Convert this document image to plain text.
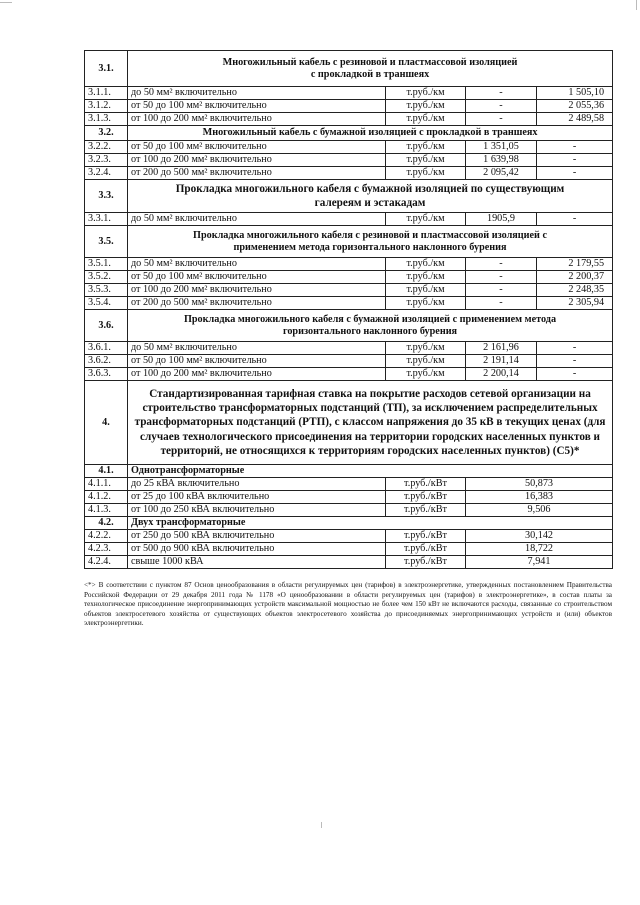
3.1.	Многожильный кабель с резиновой и пластмассовой изоляцией
с прокладкой в траншеях			
3.1.1.	до 50 мм² включительно	т.руб./км	-	1 505,10
3.1.2.	от 50 до 100 мм² включительно	т.руб./км	-	2 055,36
3.1.3.	от 100 до 200 мм² включительно	т.руб./км	-	2 489,58
3.2.	Многожильный кабель с бумажной изоляцией с прокладкой в траншеях			
3.2.2.	от 50 до 100 мм² включительно	т.руб./км	1 351,05	-
3.2.3.	от 100 до 200 мм² включительно	т.руб./км	1 639,98	-
3.2.4.	от 200 до 500 мм² включительно	т.руб./км	2 095,42	-
3.3.	Прокладка многожильного кабеля с бумажной изоляцией по существующим
галереям и эстакадам			
3.3.1.	до 50 мм² включительно	т.руб./км	1905,9	-
3.5.	Прокладка многожильного кабеля с резиновой и пластмассовой изоляцией с
применением метода горизонтального наклонного бурения			
3.5.1.	до 50 мм² включительно	т.руб./км	-	2 179,55
3.5.2.	от 50 до 100 мм² включительно	т.руб./км	-	2 200,37
3.5.3.	от 100 до 200 мм² включительно	т.руб./км	-	2 248,35
3.5.4.	от 200 до 500 мм² включительно	т.руб./км	-	2 305,94
3.6.	Прокладка многожильного кабеля с бумажной изоляцией с применением метода
горизонтального наклонного бурения			
3.6.1.	до 50 мм² включительно	т.руб./км	2 161,96	-
3.6.2.	от 50 до 100 мм² включительно	т.руб./км	2 191,14	-
3.6.3.	от 100 до 200 мм² включительно	т.руб./км	2 200,14	-
4.	Стандартизированная тарифная ставка на покрытие расходов сетевой организации на строительство трансформаторных подстанций (ТП), за исключением распределительных трансформаторных подстанций (РТП), с классом напряжения до 35 кВ в текущих ценах (для случаев технологического присоединения на территории городских населенных пунктов и территорий, не относящихся к территориям городских населенных пунктов) (С5)*			
4.1.	Однотрансформаторные			
4.1.1.	до 25 кВА включительно	т.руб./кВт	50,873	
4.1.2.	от 25 до 100 кВА включительно	т.руб./кВт	16,383	
4.1.3.	от 100 до 250 кВА включительно	т.руб./кВт	9,506	
4.2.	Двух трансформаторные			
4.2.2.	от 250 до 500 кВА включительно	т.руб./кВт	30,142	
4.2.3.	от 500 до 900 кВА включительно	т.руб./кВт	18,722	
4.2.4.	свыше 1000 кВА	т.руб./кВт	7,941	
<*> В соответствии с пунктом 87 Основ ценообразования в области регулируемых цен (тарифов) в электроэнергетике, утвержденных постановлением Правительства Российской Федерации от 29 декабря 2011 года № 1178 «О ценообразовании в области регулируемых цен (тарифов) в электроэнергетике», в состав платы за технологическое присоединение энергопринимающих устройств максимальной мощностью не более чем 150 кВт не включаются расходы, связанные со строительством объектов электросетевого хозяйства от существующих объектов электросетевого хозяйства до присоединяемых энергопринимающих устройств и (или) объектов электроэнергетики.
